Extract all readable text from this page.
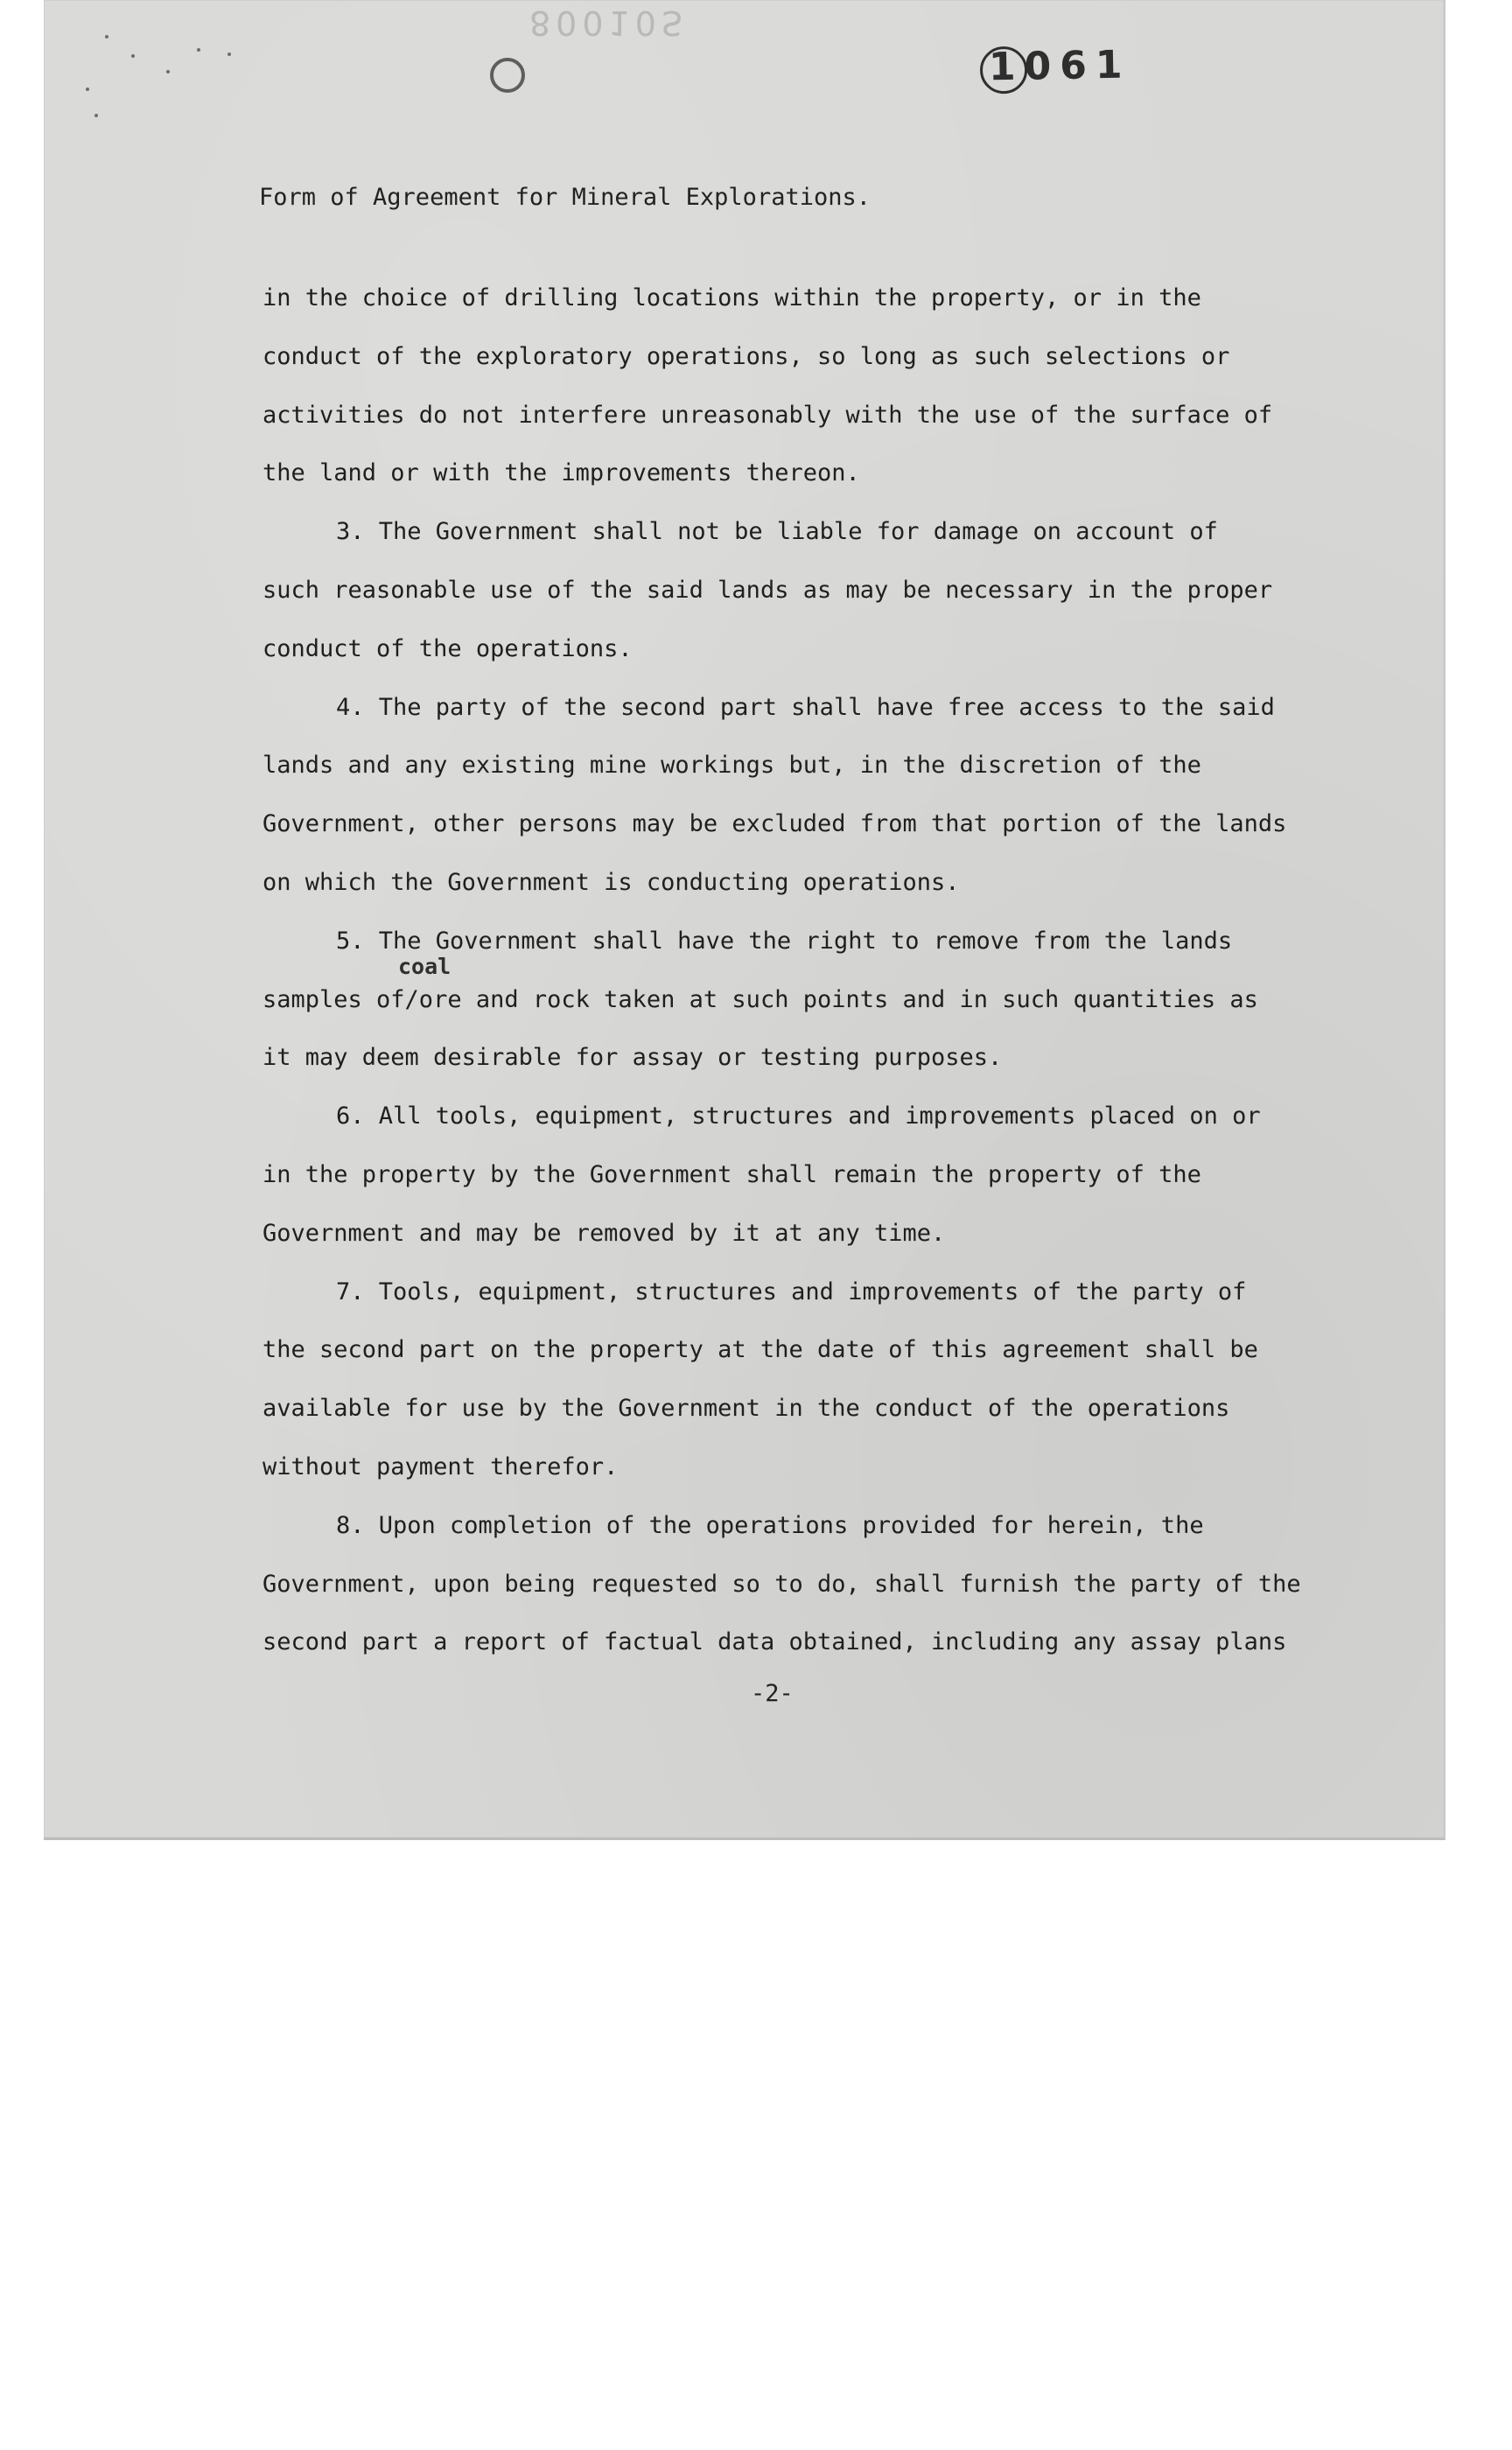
80010S
1061
Form of Agreement for Mineral Explorations.
in the choice of drilling locations within the property, or in the
conduct of the exploratory operations, so long as such selections or
activities do not interfere unreasonably with the use of the surface of
the land or with the improvements thereon.
3. The Government shall not be liable for damage on account of
such reasonable use of the said lands as may be necessary in the proper
conduct of the operations.
4. The party of the second part shall have free access to the said
lands and any existing mine workings but, in the discretion of the
Government, other persons may be excluded from that portion of the lands
on which the Government is conducting operations.
5. The Government shall have the right to remove from the lands
samples of/ore and rock taken at such points and in such quantities as
it may deem desirable for assay or testing purposes.
6. All tools, equipment, structures and improvements placed on or
in the property by the Government shall remain the property of the
Government and may be removed by it at any time.
7. Tools, equipment, structures and improvements of the party of
the second part on the property at the date of this agreement shall be
available for use by the Government in the conduct of the operations
without payment therefor.
8. Upon completion of the operations provided for herein, the
Government, upon being requested so to do, shall furnish the party of the
second part a report of factual data obtained, including any assay plans
coal
-2-
